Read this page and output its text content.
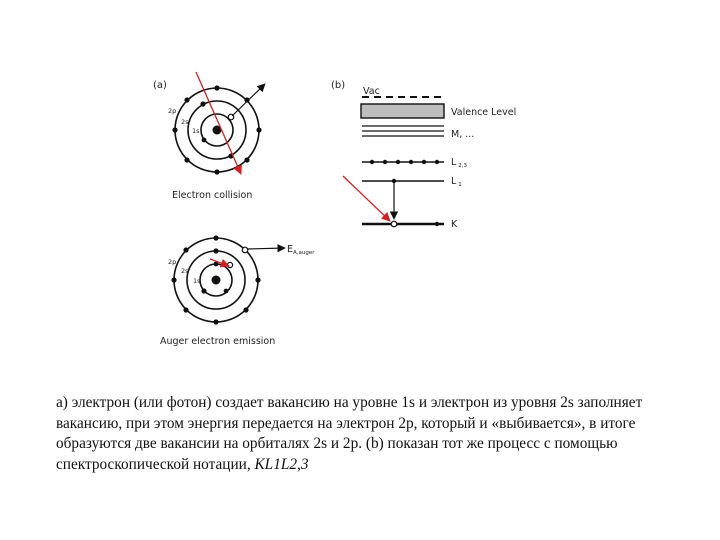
(a)
2p
2s
1s
Electron collision
2p
2s
1s
$E_{A,auger}$
Auger electron emission
(b)
Vac
Valence Level
M, ...
L $_{2,3}$
L $_1$
K

а) электрон (или фотон) создает вакансию на уровне 1s и электрон из уровня 2s заполняет вакансию, при этом энергия передается на электрон 2p, который и «выбивается», в итоге образуются две вакансии на орбиталях 2s и 2p. (b) показан тот же процесс с помощью спектроскопической нотации, KL1L2,3
